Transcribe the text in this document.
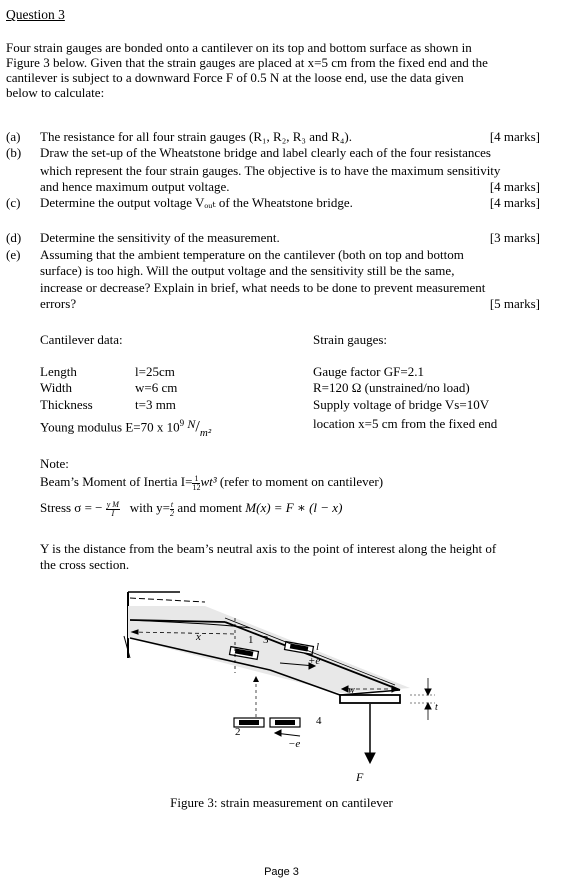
Question 3
Four strain gauges are bonded onto a cantilever on its top and bottom surface as shown in
Figure 3 below. Given that the strain gauges are placed at x=5 cm from the fixed end and the
cantilever is subject to a downward Force F of 0.5 N at the loose end, use the data given
below to calculate:
(a) The resistance for all four strain gauges (R₁, R₂, R₃ and R₄).	[4 marks]
(b) Draw the set-up of the Wheatstone bridge and label clearly each of the four resistances
which represent the four strain gauges. The objective is to have the maximum sensitivity
and hence maximum output voltage.	[4 marks]
(c) Determine the output voltage Vₒᵤₜ of the Wheatstone bridge.	[4 marks]
(d) Determine the sensitivity of the measurement.	[3 marks]
(e) Assuming that the ambient temperature on the cantilever (both on top and bottom
surface) is too high. Will the output voltage and the sensitivity still be the same,
increase or decrease? Explain in brief, what needs to be done to prevent measurement
errors?	[5 marks]
Cantilever data:
Length	l=25cm
Width	w=6 cm
Thickness	t=3 mm
Young modulus E=70 x $10^9$ $N/_{m^2}$
Strain gauges:
Gauge factor GF=2.1
R=120 Ω (unstrained/no load)
Supply voltage of bridge Vs=10V
location x=5 cm from the fixed end
Note:
Beam’s Moment of Inertia $I= \frac{1}{12} wt^3$ (refer to moment on cantilever)
Stress σ = − $\frac{\text{y M}}{I}$ with $y= \frac{t}{2}$ and moment M(x) = F ∗ (l − x)
Y is the distance from the beam’s neutral axis to the point of interest along the height of
the cross section.
x	1 3
2
4
l
+e
−e
w
t
F
Figure 3: strain measurement on cantilever
Page 3
